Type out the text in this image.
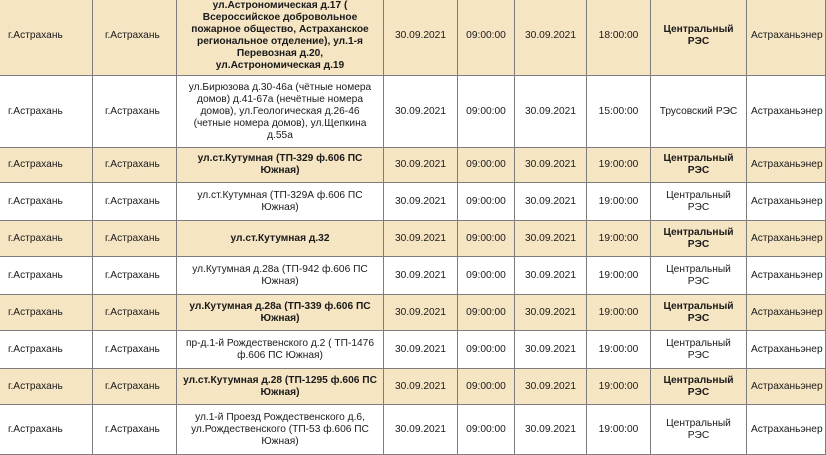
г.Астрахань	г.Астрахань	ул.Астрономическая д.17 ( Всероссийское добровольное пожарное общество, Астраханское региональное отделение), ул.1-я Перевозная д.20, ул.Астрономическая д.19	30.09.2021	09:00:00	30.09.2021	18:00:00	Центральный РЭС	Астраханьэнер
г.Астрахань	г.Астрахань	ул.Бирюзова д.30-46а (чётные номера домов) д.41-67а (нечётные номера домов), ул.Геологическая д.26-46 (четные номера домов), ул.Щепкина д.55а	30.09.2021	09:00:00	30.09.2021	15:00:00	Трусовский РЭС	Астраханьэнер
г.Астрахань	г.Астрахань	ул.ст.Кутумная (ТП-329 ф.606 ПС Южная)	30.09.2021	09:00:00	30.09.2021	19:00:00	Центральный РЭС	Астраханьэнер
г.Астрахань	г.Астрахань	ул.ст.Кутумная (ТП-329А ф.606 ПС Южная)	30.09.2021	09:00:00	30.09.2021	19:00:00	Центральный РЭС	Астраханьэнер
г.Астрахань	г.Астрахань	ул.ст.Кутумная д.32	30.09.2021	09:00:00	30.09.2021	19:00:00	Центральный РЭС	Астраханьэнер
г.Астрахань	г.Астрахань	ул.Кутумная д.28а (ТП-942 ф.606 ПС Южная)	30.09.2021	09:00:00	30.09.2021	19:00:00	Центральный РЭС	Астраханьэнер
г.Астрахань	г.Астрахань	ул.Кутумная д.28а (ТП-339 ф.606 ПС Южная)	30.09.2021	09:00:00	30.09.2021	19:00:00	Центральный РЭС	Астраханьэнер
г.Астрахань	г.Астрахань	пр-д.1-й Рождественского д.2 ( ТП-1476 ф.606 ПС Южная)	30.09.2021	09:00:00	30.09.2021	19:00:00	Центральный РЭС	Астраханьэнер
г.Астрахань	г.Астрахань	ул.ст.Кутумная д.28 (ТП-1295 ф.606 ПС Южная)	30.09.2021	09:00:00	30.09.2021	19:00:00	Центральный РЭС	Астраханьэнер
г.Астрахань	г.Астрахань	ул.1-й Проезд Рождественского д.6, ул.Рождественского (ТП-53 ф.606 ПС Южная)	30.09.2021	09:00:00	30.09.2021	19:00:00	Центральный РЭС	Астраханьэнер
